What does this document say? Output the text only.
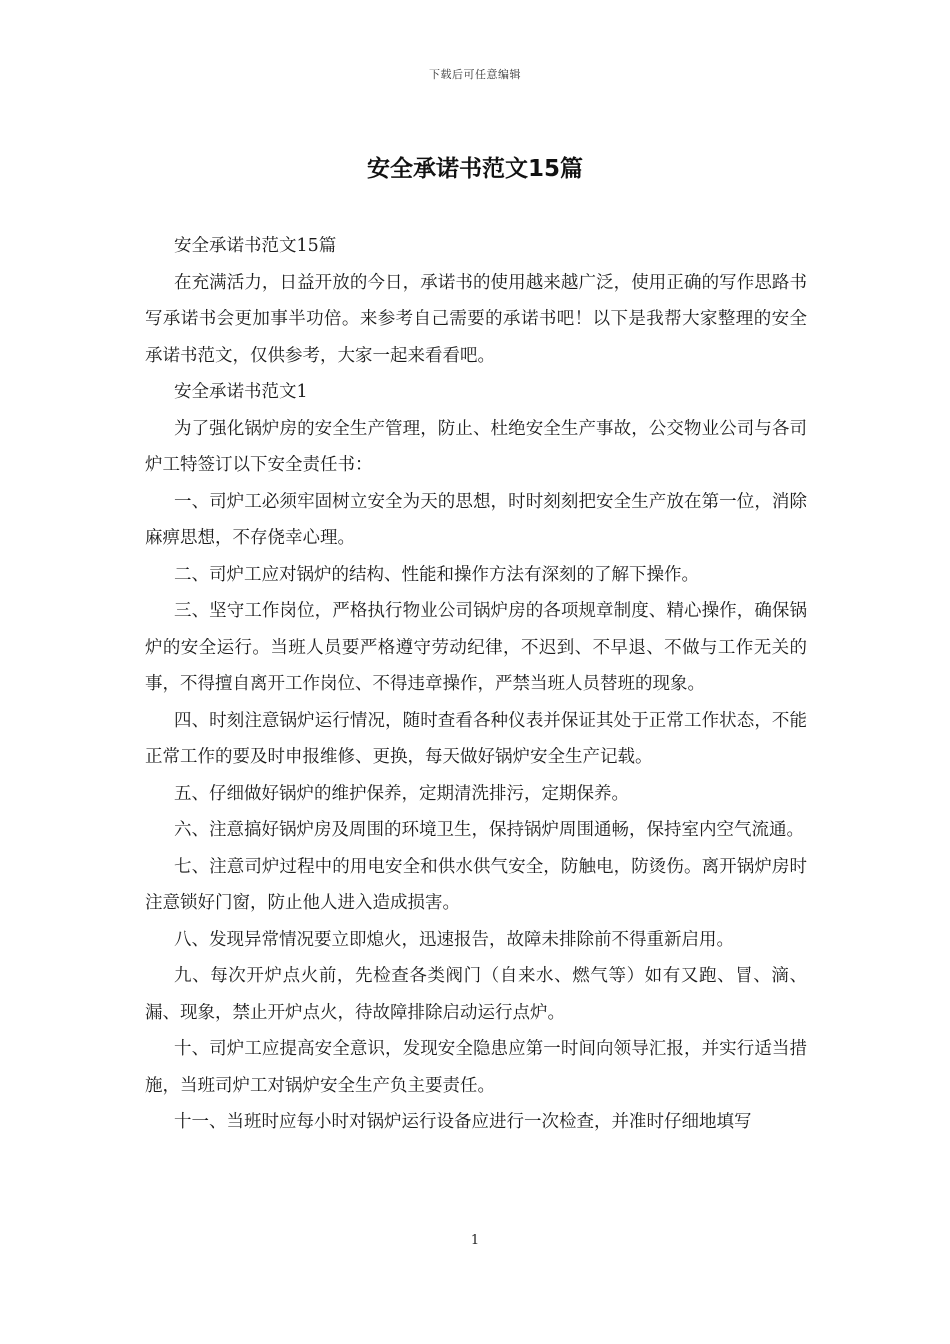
下载后可任意编辑
安全承诺书范文15篇

安全承诺书范文15篇

在充满活力，日益开放的今日，承诺书的使用越来越广泛，使用正确的写作思路书写承诺书会更加事半功倍。来参考自己需要的承诺书吧！以下是我帮大家整理的安全承诺书范文，仅供参考，大家一起来看看吧。

安全承诺书范文1

为了强化锅炉房的安全生产管理，防止、杜绝安全生产事故，公交物业公司与各司炉工特签订以下安全责任书：

一、司炉工必须牢固树立安全为天的思想，时时刻刻把安全生产放在第一位，消除麻痹思想，不存侥幸心理。

二、司炉工应对锅炉的结构、性能和操作方法有深刻的了解下操作。

三、坚守工作岗位，严格执行物业公司锅炉房的各项规章制度、精心操作，确保锅炉的安全运行。当班人员要严格遵守劳动纪律，不迟到、不早退、不做与工作无关的事，不得擅自离开工作岗位、不得违章操作，严禁当班人员替班的现象。

四、时刻注意锅炉运行情况，随时查看各种仪表并保证其处于正常工作状态，不能正常工作的要及时申报维修、更换，每天做好锅炉安全生产记载。

五、仔细做好锅炉的维护保养，定期清洗排污，定期保养。

六、注意搞好锅炉房及周围的环境卫生，保持锅炉周围通畅，保持室内空气流通。

七、注意司炉过程中的用电安全和供水供气安全，防触电，防烫伤。离开锅炉房时注意锁好门窗，防止他人进入造成损害。

八、发现异常情况要立即熄火，迅速报告，故障未排除前不得重新启用。

九、每次开炉点火前，先检查各类阀门（自来水、燃气等）如有又跑、冒、滴、漏、现象，禁止开炉点火，待故障排除启动运行点炉。

十、司炉工应提高安全意识，发现安全隐患应第一时间向领导汇报，并实行适当措施，当班司炉工对锅炉安全生产负主要责任。

十一、当班时应每小时对锅炉运行设备应进行一次检查，并准时仔细地填写

1
